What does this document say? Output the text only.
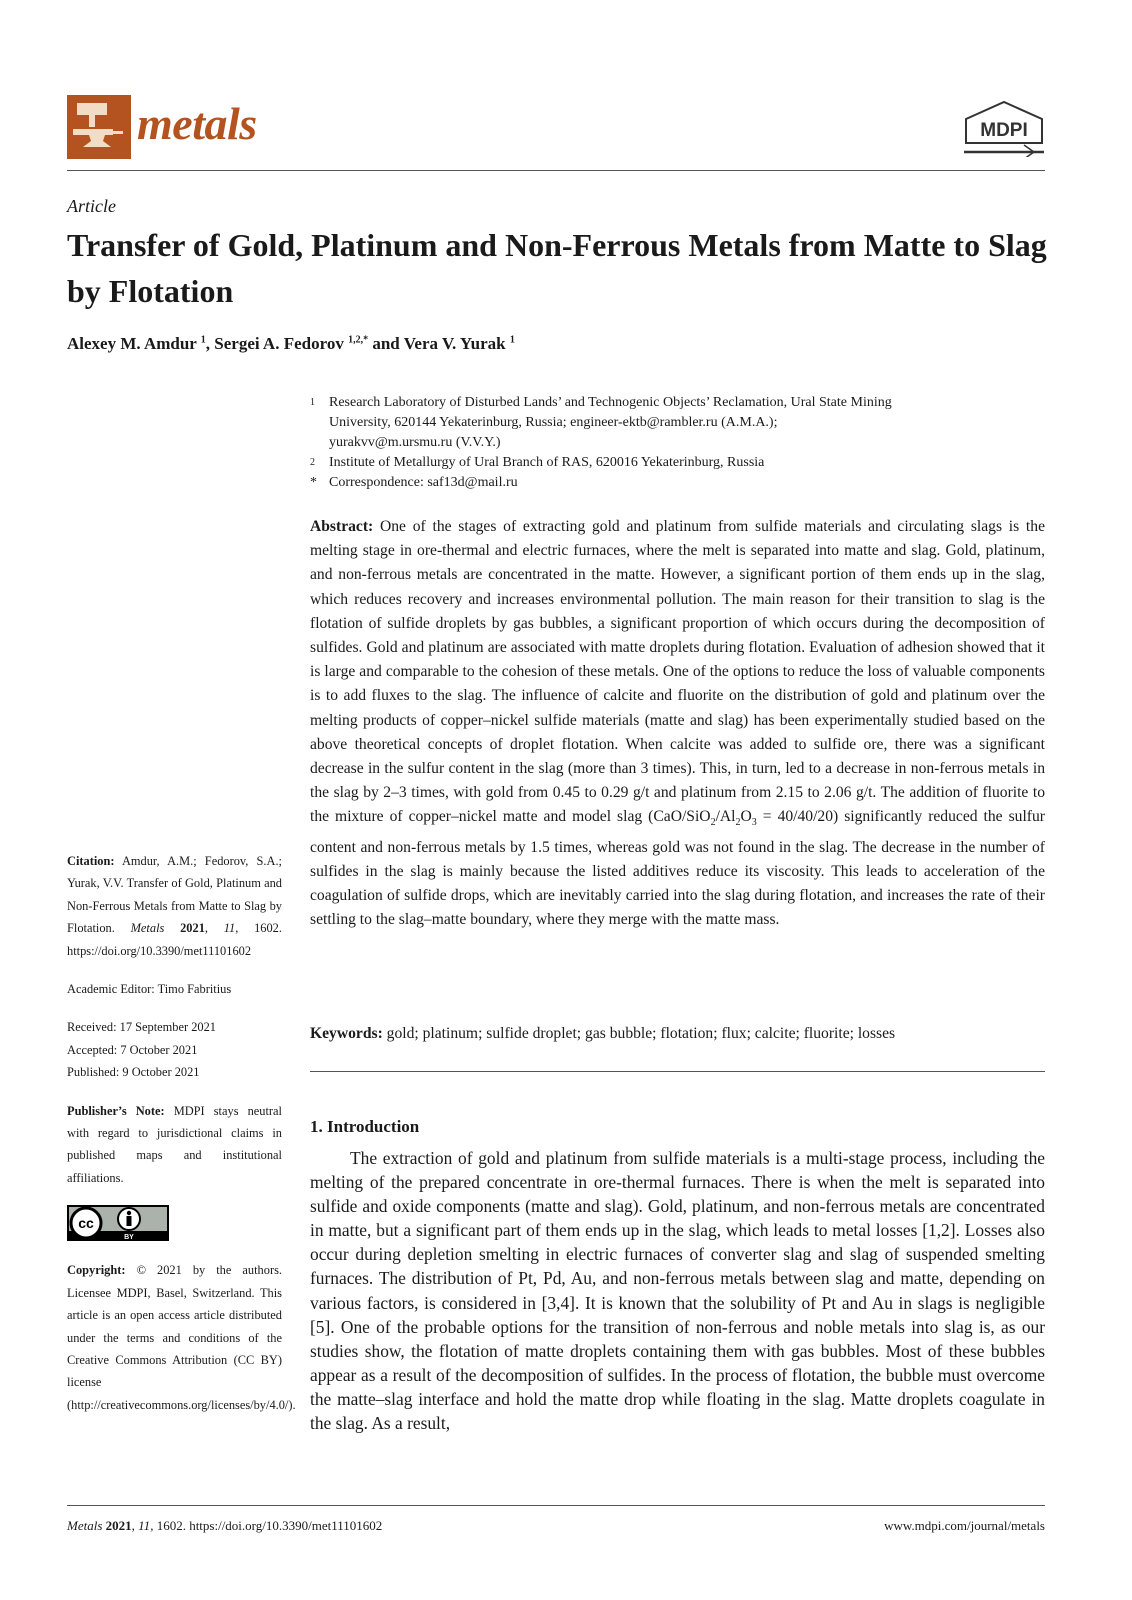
metals	MDPI
Article
Transfer of Gold, Platinum and Non-Ferrous Metals from Matte to Slag by Flotation
Alexey M. Amdur $^1$, Sergei A. Fedorov $^{1,2,*}$ and Vera V. Yurak $^1$
1 Research Laboratory of Disturbed Lands’ and Technogenic Objects’ Reclamation, Ural State Mining
University, 620144 Yekaterinburg, Russia; engineer-ektb@rambler.ru (A.M.A.);
yurakvv@m.ursmu.ru (V.V.Y.)
2 Institute of Metallurgy of Ural Branch of RAS, 620016 Yekaterinburg, Russia
* Correspondence: saf13d@mail.ru
Abstract: One of the stages of extracting gold and platinum from sulfide materials and circulating slags is the melting stage in ore-thermal and electric furnaces, where the melt is separated into matte and slag. Gold, platinum, and non-ferrous metals are concentrated in the matte. However, a significant portion of them ends up in the slag, which reduces recovery and increases environmental pollution. The main reason for their transition to slag is the flotation of sulfide droplets by gas bubbles, a significant proportion of which occurs during the decomposition of sulfides. Gold and platinum are associated with matte droplets during flotation. Evaluation of adhesion showed that it is large and comparable to the cohesion of these metals. One of the options to reduce the loss of valuable components is to add fluxes to the slag. The influence of calcite and fluorite on the distribution of gold and platinum over the melting products of copper–nickel sulfide materials (matte and slag) has been experimentally studied based on the above theoretical concepts of droplet flotation. When calcite was added to sulfide ore, there was a significant decrease in the sulfur content in the slag (more than 3 times). This, in turn, led to a decrease in non-ferrous metals in the slag by 2–3 times, with gold from 0.45 to 0.29 g/t and platinum from 2.15 to 2.06 g/t. The addition of fluorite to the mixture of copper–nickel matte and model slag $(CaO/SiO_2/Al_2O_3 = 40/40/20)$ significantly reduced the sulfur content and non-ferrous metals by 1.5 times, whereas gold was not found in the slag. The decrease in the number of sulfides in the slag is mainly because the listed additives reduce its viscosity. This leads to acceleration of the coagulation of sulfide drops, which are inevitably carried into the slag during flotation, and increases the rate of their settling to the slag–matte boundary, where they merge with the matte mass.
Keywords: gold; platinum; sulfide droplet; gas bubble; flotation; flux; calcite; fluorite; losses
1. Introduction
The extraction of gold and platinum from sulfide materials is a multi-stage process, including the melting of the prepared concentrate in ore-thermal furnaces. There is when the melt is separated into sulfide and oxide components (matte and slag). Gold, platinum, and non-ferrous metals are concentrated in matte, but a significant part of them ends up in the slag, which leads to metal losses [1,2]. Losses also occur during depletion smelting in electric furnaces of converter slag and slag of suspended smelting furnaces. The distribution of Pt, Pd, Au, and non-ferrous metals between slag and matte, depending on various factors, is considered in [3,4]. It is known that the solubility of Pt and Au in slags is negligible [5]. One of the probable options for the transition of non-ferrous and noble metals into slag is, as our studies show, the flotation of matte droplets containing them with gas bubbles. Most of these bubbles appear as a result of the decomposition of sulfides. In the process of flotation, the bubble must overcome the matte–slag interface and hold the matte drop while floating in the slag. Matte droplets coagulate in the slag. As a result,
Citation: Amdur, A.M.; Fedorov, S.A.; Yurak, V.V. Transfer of Gold, Platinum and Non-Ferrous Metals from Matte to Slag by Flotation. Metals 2021, 11, 1602. https://doi.org/10.3390/met11101602
Academic Editor: Timo Fabritius
Received: 17 September 2021
Accepted: 7 October 2021
Published: 9 October 2021
Publisher’s Note: MDPI stays neutral with regard to jurisdictional claims in published maps and institutional affiliations.
cc
BY
Copyright: © 2021 by the authors. Licensee MDPI, Basel, Switzerland. This article is an open access article distributed under the terms and conditions of the Creative Commons Attribution (CC BY) license (http://creativecommons.org/licenses/by/4.0/).
Metals 2021, 11, 1602. https://doi.org/10.3390/met11101602	www.mdpi.com/journal/metals
